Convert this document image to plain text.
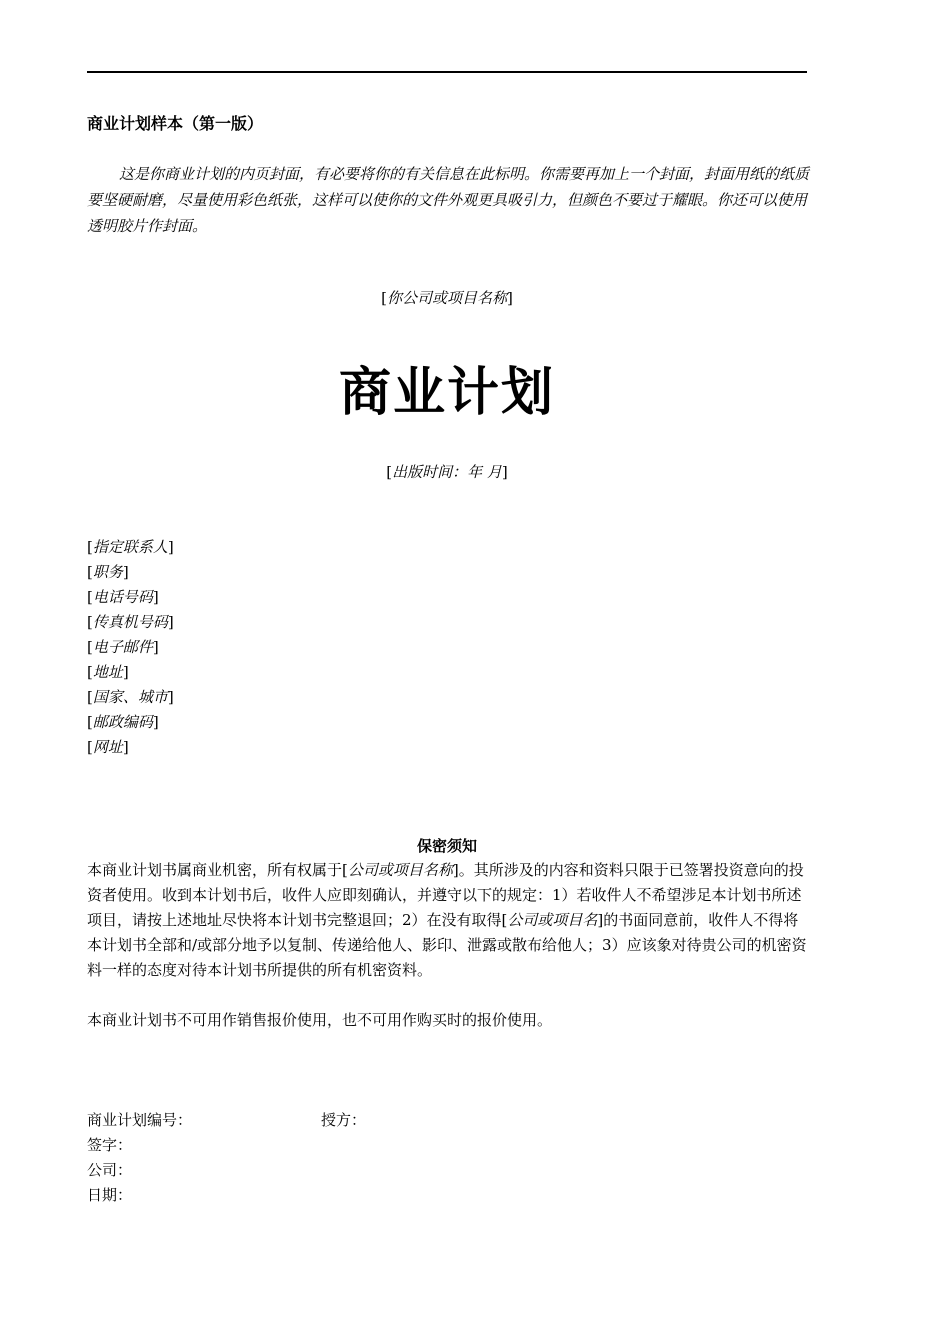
商业计划样本（第一版）

这是你商业计划的内页封面，有必要将你的有关信息在此标明。你需要再加上一个封面，封面用纸的纸质要坚硬耐磨，尽量使用彩色纸张，这样可以使你的文件外观更具吸引力，但颜色不要过于耀眼。你还可以使用透明胶片作封面。

[你公司或项目名称]
商业计划
[出版时间：年 月]
[指定联系人]
[职务]
[电话号码]
[传真机号码]
[电子邮件]
[地址]
[国家、城市]
[邮政编码]
[网址]
保密须知

本商业计划书属商业机密，所有权属于[公司或项目名称]。其所涉及的内容和资料只限于已签署投资意向的投资者使用。收到本计划书后，收件人应即刻确认，并遵守以下的规定：1）若收件人不希望涉足本计划书所述项目，请按上述地址尽快将本计划书完整退回；2）在没有取得[公司或项目名]的书面同意前，收件人不得将本计划书全部和/或部分地予以复制、传递给他人、影印、泄露或散布给他人；3）应该象对待贵公司的机密资料一样的态度对待本计划书所提供的所有机密资料。

本商业计划书不可用作销售报价使用，也不可用作购买时的报价使用。

商业计划编号：	授方：
签字：
公司：
日期：
